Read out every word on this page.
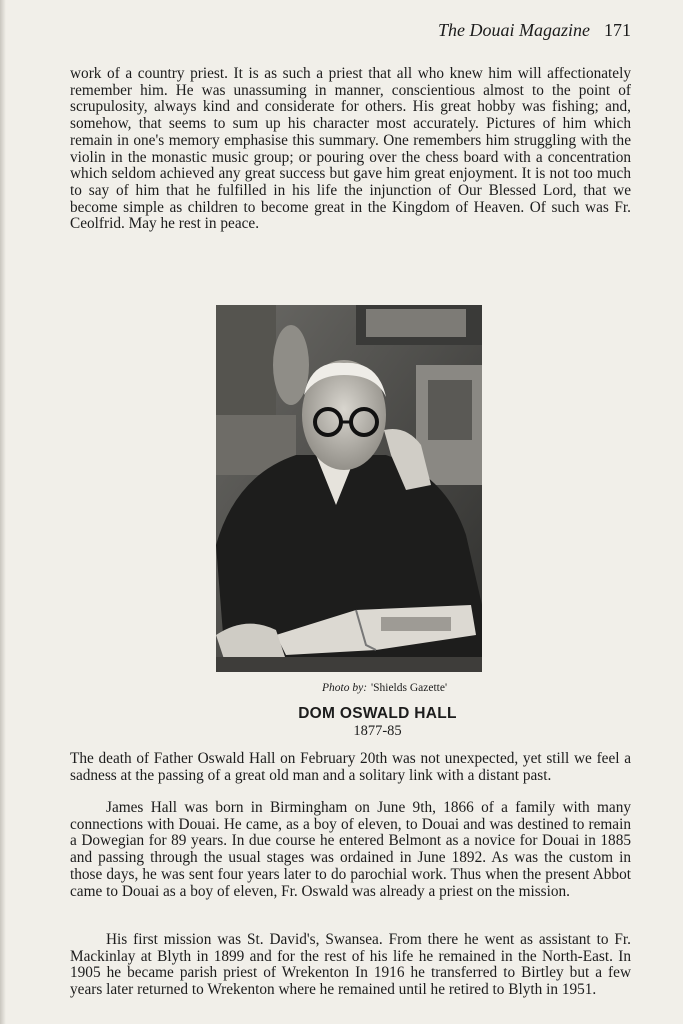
The Douai Magazine 171

work of a country priest. It is as such a priest that all who knew him will affectionately remember him. He was unassuming in manner, conscientious almost to the point of scrupulosity, always kind and considerate for others. His great hobby was fishing; and, somehow, that seems to sum up his character most accurately. Pictures of him which remain in one's memory emphasise this summary. One remembers him struggling with the violin in the monastic music group; or pouring over the chess board with a concentration which seldom achieved any great success but gave him great enjoyment. It is not too much to say of him that he fulfilled in his life the injunction of Our Blessed Lord, that we become simple as children to become great in the Kingdom of Heaven. Of such was Fr. Ceolfrid. May he rest in peace.

Photo by: 'Shields Gazette'
DOM OSWALD HALL
1877-85

The death of Father Oswald Hall on February 20th was not unexpected, yet still we feel a sadness at the passing of a great old man and a solitary link with a distant past.

James Hall was born in Birmingham on June 9th, 1866 of a family with many connections with Douai. He came, as a boy of eleven, to Douai and was destined to remain a Dowegian for 89 years. In due course he entered Belmont as a novice for Douai in 1885 and passing through the usual stages was ordained in June 1892. As was the custom in those days, he was sent four years later to do parochial work. Thus when the present Abbot came to Douai as a boy of eleven, Fr. Oswald was already a priest on the mission.

His first mission was St. David's, Swansea. From there he went as assistant to Fr. Mackinlay at Blyth in 1899 and for the rest of his life he remained in the North-East. In 1905 he became parish priest of Wrekenton In 1916 he transferred to Birtley but a few years later returned to Wrekenton where he remained until he retired to Blyth in 1951.
